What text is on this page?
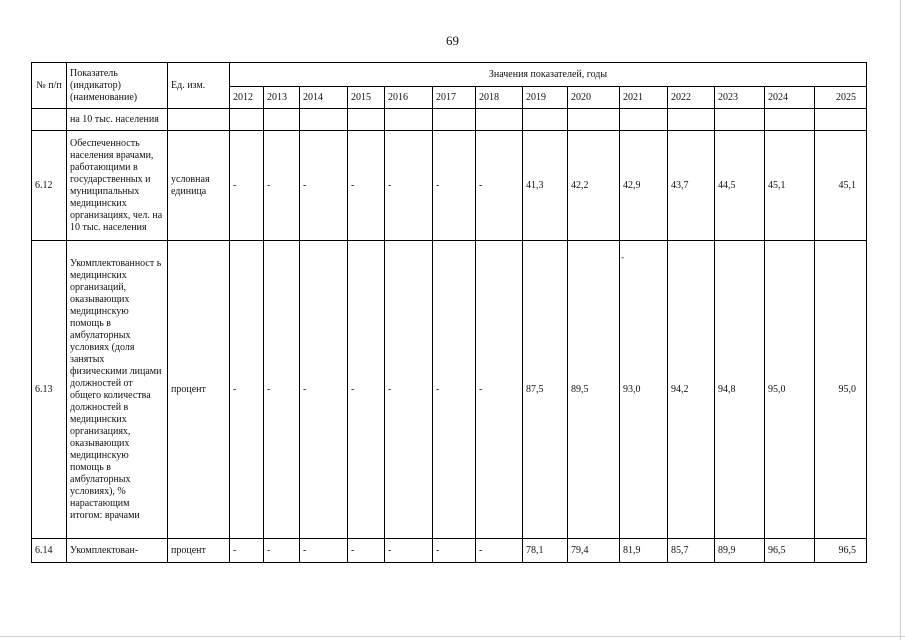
69
№ п/п	Показатель (индикатор) (наименование)	Ед. изм.	Значения показателей, годы													
			2012	2013	2014	2015	2016	2017	2018	2019	2020	2021	2022	2023	2024	2025
	на 10 тыс. населения															
6.12	Обеспеченность населения врачами, работающими в государственных и муниципальных медицинских организациях, чел. на 10 тыс. населения	условная единица	-	-	-	-	-	-	-	41,3	42,2	42,9	43,7	44,5	45,1	45,1
6.13	Укомплектованност ь медицинских организаций, оказывающих медицинскую помощь в амбулаторных условиях (доля занятых физическими лицами должностей от общего количества должностей в медицинских организациях, оказывающих медицинскую помощь в амбулаторных условиях), % нарастающим итогом: врачами	процент	-	-	-	-	-	-	-	87,5	89,5	93,0	94,2	94,8	95,0	95,0
6.14	Укомплектован-	процент	-	-	-	-	-	-	-	78,1	79,4	81,9	85,7	89,9	96,5	96,5
-
